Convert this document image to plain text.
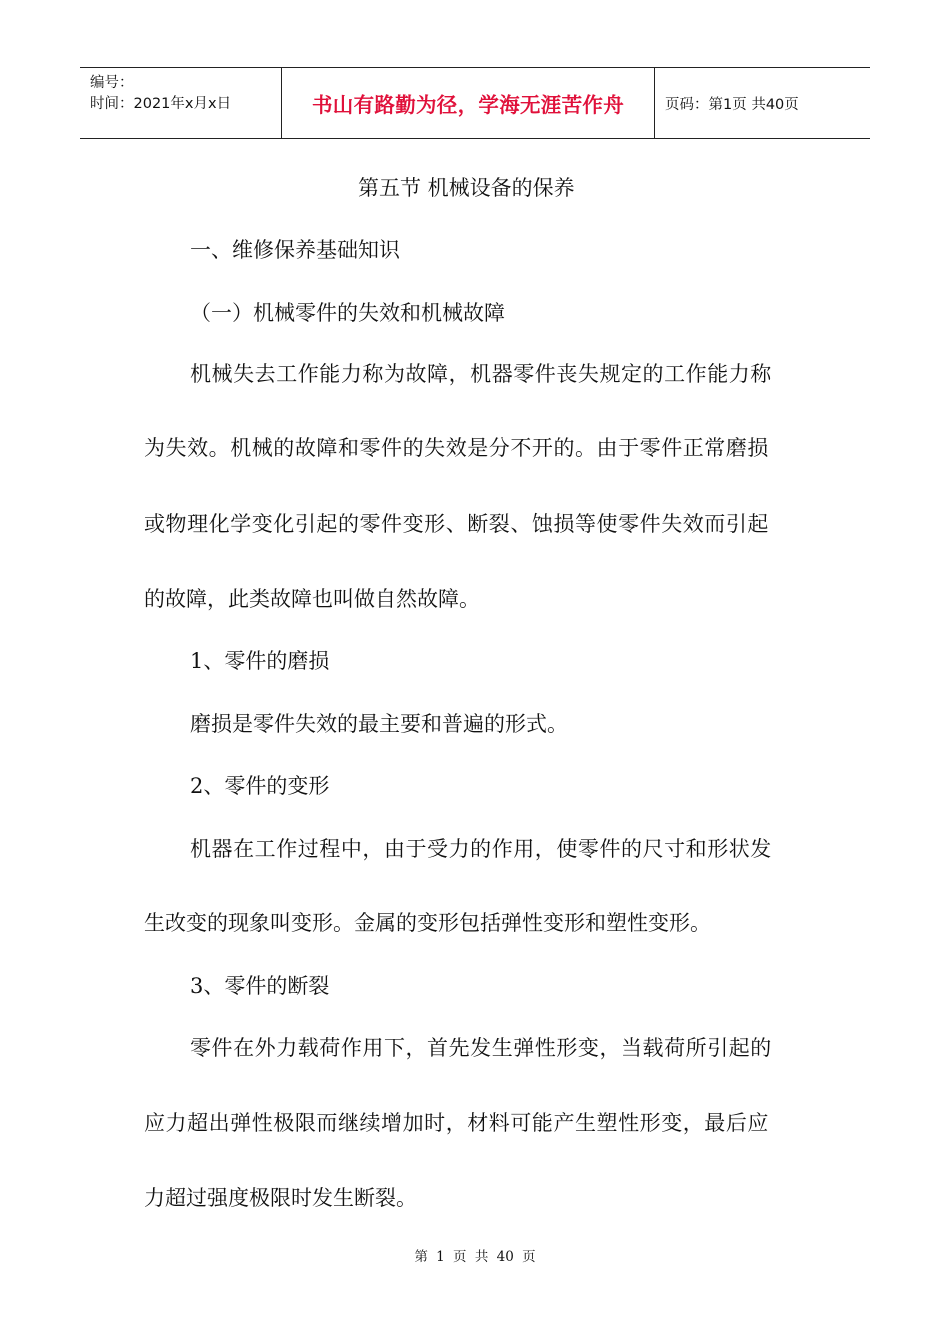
编号：
时间：2021年x月x日	书山有路勤为径，学海无涯苦作舟	页码：第1页 共40页
第五节 机械设备的保养
一、维修保养基础知识
（一）机械零件的失效和机械故障
机械失去工作能力称为故障，机器零件丧失规定的工作能力称
为失效。机械的故障和零件的失效是分不开的。由于零件正常磨损
或物理化学变化引起的零件变形、断裂、蚀损等使零件失效而引起
的故障，此类故障也叫做自然故障。
1、零件的磨损
磨损是零件失效的最主要和普遍的形式。
2、零件的变形
机器在工作过程中，由于受力的作用，使零件的尺寸和形状发
生改变的现象叫变形。金属的变形包括弹性变形和塑性变形。
3、零件的断裂
零件在外力载荷作用下，首先发生弹性形变，当载荷所引起的
应力超出弹性极限而继续增加时，材料可能产生塑性形变，最后应
力超过强度极限时发生断裂。
第 1 页 共 40 页
